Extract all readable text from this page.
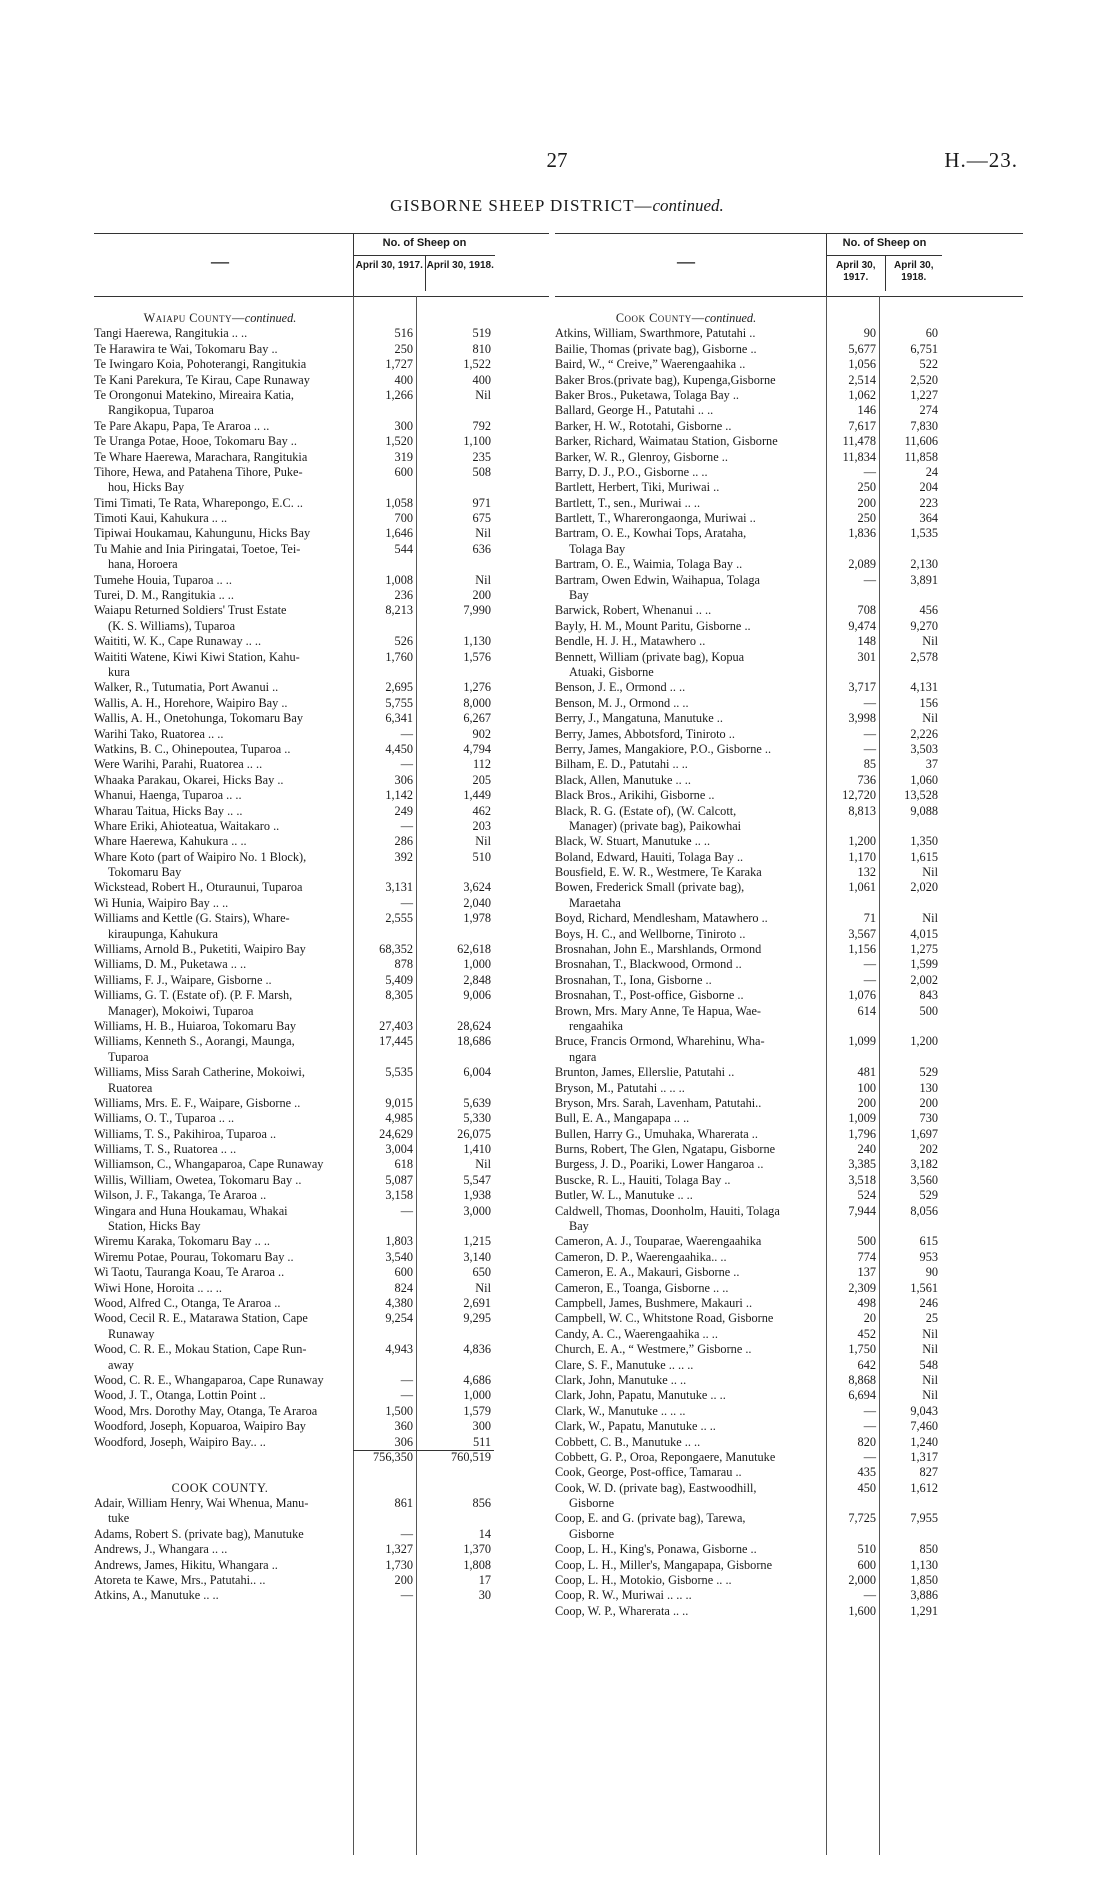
27	H.—23.
GISBORNE SHEEP DISTRICT—continued.
—
No. of Sheep on
April 30, 1917. April 30, 1918.
Waiapu County—continued.
Tangi Haerewa, Rangitukia .. ..	516	519
Te Harawira te Wai, Tokomaru Bay ..	250	810
Te Iwingaro Koia, Pohoterangi, Rangitukia	1,727	1,522
Te Kani Parekura, Te Kirau, Cape Runaway	400	400
Te Orongonui Matekino, Mireaira Katia,	1,266	Nil
Rangikopua, Tuparoa
Te Pare Akapu, Papa, Te Araroa .. ..	300	792
Te Uranga Potae, Hooe, Tokomaru Bay ..	1,520	1,100
Te Whare Haerewa, Marachara, Rangitukia	319	235
Tihore, Hewa, and Patahena Tihore, Puke-	600	508
hou, Hicks Bay
Timi Timati, Te Rata, Wharepongo, E.C. ..	1,058	971
Timoti Kaui, Kahukura .. ..	700	675
Tipiwai Houkamau, Kahungunu, Hicks Bay	1,646	Nil
Tu Mahie and Inia Piringatai, Toetoe, Tei-	544	636
hana, Horoera
Tumehe Houia, Tuparoa .. ..	1,008	Nil
Turei, D. M., Rangitukia .. ..	236	200
Waiapu Returned Soldiers' Trust Estate	8,213	7,990
(K. S. Williams), Tuparoa
Waititi, W. K., Cape Runaway .. ..	526	1,130
Waititi Watene, Kiwi Kiwi Station, Kahu-	1,760	1,576
kura
Walker, R., Tutumatia, Port Awanui ..	2,695	1,276
Wallis, A. H., Horehore, Waipiro Bay ..	5,755	8,000
Wallis, A. H., Onetohunga, Tokomaru Bay	6,341	6,267
Warihi Tako, Ruatorea .. ..	—	902
Watkins, B. C., Ohinepoutea, Tuparoa ..	4,450	4,794
Were Warihi, Parahi, Ruatorea .. ..	—	112
Whaaka Parakau, Okarei, Hicks Bay ..	306	205
Whanui, Haenga, Tuparoa .. ..	1,142	1,449
Wharau Taitua, Hicks Bay .. ..	249	462
Whare Eriki, Ahioteatua, Waitakaro ..	—	203
Whare Haerewa, Kahukura .. ..	286	Nil
Whare Koto (part of Waipiro No. 1 Block),	392	510
Tokomaru Bay
Wickstead, Robert H., Oturaunui, Tuparoa	3,131	3,624
Wi Hunia, Waipiro Bay .. ..	—	2,040
Williams and Kettle (G. Stairs), Whare-	2,555	1,978
kiraupunga, Kahukura
Williams, Arnold B., Puketiti, Waipiro Bay	68,352	62,618
Williams, D. M., Puketawa .. ..	878	1,000
Williams, F. J., Waipare, Gisborne ..	5,409	2,848
Williams, G. T. (Estate of). (P. F. Marsh,	8,305	9,006
Manager), Mokoiwi, Tuparoa
Williams, H. B., Huiaroa, Tokomaru Bay	27,403	28,624
Williams, Kenneth S., Aorangi, Maunga,	17,445	18,686
Tuparoa
Williams, Miss Sarah Catherine, Mokoiwi,	5,535	6,004
Ruatorea
Williams, Mrs. E. F., Waipare, Gisborne ..	9,015	5,639
Williams, O. T., Tuparoa .. ..	4,985	5,330
Williams, T. S., Pakihiroa, Tuparoa ..	24,629	26,075
Williams, T. S., Ruatorea .. ..	3,004	1,410
Williamson, C., Whangaparoa, Cape Runaway	618	Nil
Willis, William, Owetea, Tokomaru Bay ..	5,087	5,547
Wilson, J. F., Takanga, Te Araroa ..	3,158	1,938
Wingara and Huna Houkamau, Whakai	—	3,000
Station, Hicks Bay
Wiremu Karaka, Tokomaru Bay .. ..	1,803	1,215
Wiremu Potae, Pourau, Tokomaru Bay ..	3,540	3,140
Wi Taotu, Tauranga Koau, Te Araroa ..	600	650
Wiwi Hone, Horoita .. .. ..	824	Nil
Wood, Alfred C., Otanga, Te Araroa ..	4,380	2,691
Wood, Cecil R. E., Matarawa Station, Cape	9,254	9,295
Runaway
Wood, C. R. E., Mokau Station, Cape Run-	4,943	4,836
away
Wood, C. R. E., Whangaparoa, Cape Runaway	—	4,686
Wood, J. T., Otanga, Lottin Point ..	—	1,000
Wood, Mrs. Dorothy May, Otanga, Te Araroa	1,500	1,579
Woodford, Joseph, Kopuaroa, Waipiro Bay	360	300
Woodford, Joseph, Waipiro Bay.. ..	306	511
756,350	760,519
COOK COUNTY.
Adair, William Henry, Wai Whenua, Manu-	861	856
tuke
Adams, Robert S. (private bag), Manutuke	—	14
Andrews, J., Whangara .. ..	1,327	1,370
Andrews, James, Hikitu, Whangara ..	1,730	1,808
Atoreta te Kawe, Mrs., Patutahi.. ..	200	17
Atkins, A., Manutuke .. ..	—	30
—
No. of Sheep on
April 30, 1917.
April 30, 1918.
Cook County—continued.
Atkins, William, Swarthmore, Patutahi ..	90	60
Bailie, Thomas (private bag), Gisborne ..	5,677	6,751
Baird, W., “ Creive,” Waerengaahika ..	1,056	522
Baker Bros.(private bag), Kupenga,Gisborne	2,514	2,520
Baker Bros., Puketawa, Tolaga Bay ..	1,062	1,227
Ballard, George H., Patutahi .. ..	146	274
Barker, H. W., Rototahi, Gisborne ..	7,617	7,830
Barker, Richard, Waimatau Station, Gisborne	11,478	11,606
Barker, W. R., Glenroy, Gisborne ..	11,834	11,858
Barry, D. J., P.O., Gisborne .. ..	—	24
Bartlett, Herbert, Tiki, Muriwai ..	250	204
Bartlett, T., sen., Muriwai .. ..	200	223
Bartlett, T., Wharerongaonga, Muriwai ..	250	364
Bartram, O. E., Kowhai Tops, Arataha,	1,836	1,535
Tolaga Bay
Bartram, O. E., Waimia, Tolaga Bay ..	2,089	2,130
Bartram, Owen Edwin, Waihapua, Tolaga	—	3,891
Bay
Barwick, Robert, Whenanui .. ..	708	456
Bayly, H. M., Mount Paritu, Gisborne ..	9,474	9,270
Bendle, H. J. H., Matawhero ..	148	Nil
Bennett, William (private bag), Kopua	301	2,578
Atuaki, Gisborne
Benson, J. E., Ormond .. ..	3,717	4,131
Benson, M. J., Ormond .. ..	—	156
Berry, J., Mangatuna, Manutuke ..	3,998	Nil
Berry, James, Abbotsford, Tiniroto ..	—	2,226
Berry, James, Mangakiore, P.O., Gisborne ..	—	3,503
Bilham, E. D., Patutahi .. ..	85	37
Black, Allen, Manutuke .. ..	736	1,060
Black Bros., Arikihi, Gisborne ..	12,720	13,528
Black, R. G. (Estate of), (W. Calcott,	8,813	9,088
Manager) (private bag), Paikowhai
Black, W. Stuart, Manutuke .. ..	1,200	1,350
Boland, Edward, Hauiti, Tolaga Bay ..	1,170	1,615
Bousfield, E. W. R., Westmere, Te Karaka	132	Nil
Bowen, Frederick Small (private bag),	1,061	2,020
Maraetaha
Boyd, Richard, Mendlesham, Matawhero ..	71	Nil
Boys, H. C., and Wellborne, Tiniroto ..	3,567	4,015
Brosnahan, John E., Marshlands, Ormond	1,156	1,275
Brosnahan, T., Blackwood, Ormond ..	—	1,599
Brosnahan, T., Iona, Gisborne ..	—	2,002
Brosnahan, T., Post-office, Gisborne ..	1,076	843
Brown, Mrs. Mary Anne, Te Hapua, Wae-	614	500
rengaahika
Bruce, Francis Ormond, Wharehinu, Wha-	1,099	1,200
ngara
Brunton, James, Ellerslie, Patutahi ..	481	529
Bryson, M., Patutahi .. .. ..	100	130
Bryson, Mrs. Sarah, Lavenham, Patutahi..	200	200
Bull, E. A., Mangapapa .. ..	1,009	730
Bullen, Harry G., Umuhaka, Wharerata ..	1,796	1,697
Burns, Robert, The Glen, Ngatapu, Gisborne	240	202
Burgess, J. D., Poariki, Lower Hangaroa ..	3,385	3,182
Buscke, R. L., Hauiti, Tolaga Bay ..	3,518	3,560
Butler, W. L., Manutuke .. ..	524	529
Caldwell, Thomas, Doonholm, Hauiti, Tolaga	7,944	8,056
Bay
Cameron, A. J., Touparae, Waerengaahika	500	615
Cameron, D. P., Waerengaahika.. ..	774	953
Cameron, E. A., Makauri, Gisborne ..	137	90
Cameron, E., Toanga, Gisborne .. ..	2,309	1,561
Campbell, James, Bushmere, Makauri ..	498	246
Campbell, W. C., Whitstone Road, Gisborne	20	25
Candy, A. C., Waerengaahika .. ..	452	Nil
Church, E. A., “ Westmere,” Gisborne ..	1,750	Nil
Clare, S. F., Manutuke .. .. ..	642	548
Clark, John, Manutuke .. ..	8,868	Nil
Clark, John, Papatu, Manutuke .. ..	6,694	Nil
Clark, W., Manutuke .. .. ..	—	9,043
Clark, W., Papatu, Manutuke .. ..	—	7,460
Cobbett, C. B., Manutuke .. ..	820	1,240
Cobbett, G. P., Oroa, Repongaere, Manutuke	—	1,317
Cook, George, Post-office, Tamarau ..	435	827
Cook, W. D. (private bag), Eastwoodhill,	450	1,612
Gisborne
Coop, E. and G. (private bag), Tarewa,	7,725	7,955
Gisborne
Coop, L. H., King's, Ponawa, Gisborne ..	510	850
Coop, L. H., Miller's, Mangapapa, Gisborne	600	1,130
Coop, L. H., Motokio, Gisborne .. ..	2,000	1,850
Coop, R. W., Muriwai .. .. ..	—	3,886
Coop, W. P., Wharerata .. ..	1,600	1,291
